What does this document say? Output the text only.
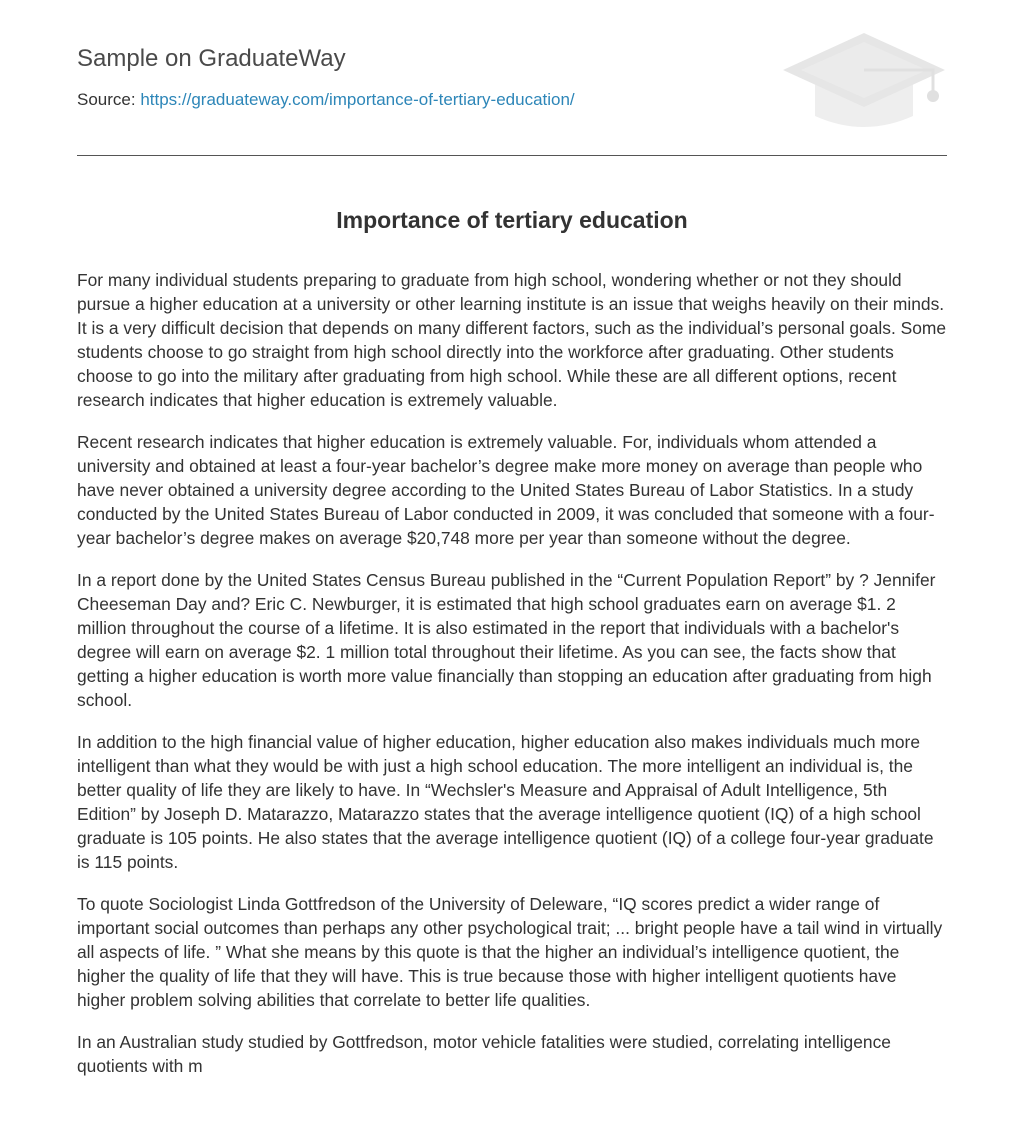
Sample on GraduateWay
Source: https://graduateway.com/importance-of-tertiary-education/
Importance of tertiary education

For many individual students preparing to graduate from high school, wondering whether or not they should pursue a higher education at a university or other learning institute is an issue that weighs heavily on their minds. It is a very difficult decision that depends on many different factors, such as the individual’s personal goals. Some students choose to go straight from high school directly into the workforce after graduating. Other students choose to go into the military after graduating from high school. While these are all different options, recent research indicates that higher education is extremely valuable.

Recent research indicates that higher education is extremely valuable. For, individuals whom attended a university and obtained at least a four-year bachelor’s degree make more money on average than people who have never obtained a university degree according to the United States Bureau of Labor Statistics. In a study conducted by the United States Bureau of Labor conducted in 2009, it was concluded that someone with a four-year bachelor’s degree makes on average $20,748 more per year than someone without the degree.

In a report done by the United States Census Bureau published in the “Current Population Report” by ? Jennifer Cheeseman Day and? Eric C. Newburger, it is estimated that high school graduates earn on average $1. 2 million throughout the course of a lifetime. It is also estimated in the report that individuals with a bachelor's degree will earn on average $2. 1 million total throughout their lifetime. As you can see, the facts show that getting a higher education is worth more value financially than stopping an education after graduating from high school.

In addition to the high financial value of higher education, higher education also makes individuals much more intelligent than what they would be with just a high school education. The more intelligent an individual is, the better quality of life they are likely to have. In “Wechsler's Measure and Appraisal of Adult Intelligence, 5th Edition” by Joseph D. Matarazzo, Matarazzo states that the average intelligence quotient (IQ) of a high school graduate is 105 points. He also states that the average intelligence quotient (IQ) of a college four-year graduate is 115 points.

To quote Sociologist Linda Gottfredson of the University of Deleware, “IQ scores predict a wider range of important social outcomes than perhaps any other psychological trait; ... bright people have a tail wind in virtually all aspects of life. ” What she means by this quote is that the higher an individual’s intelligence quotient, the higher the quality of life that they will have. This is true because those with higher intelligent quotients have higher problem solving abilities that correlate to better life qualities.

In an Australian study studied by Gottfredson, motor vehicle fatalities were studied, correlating intelligence quotients with m
